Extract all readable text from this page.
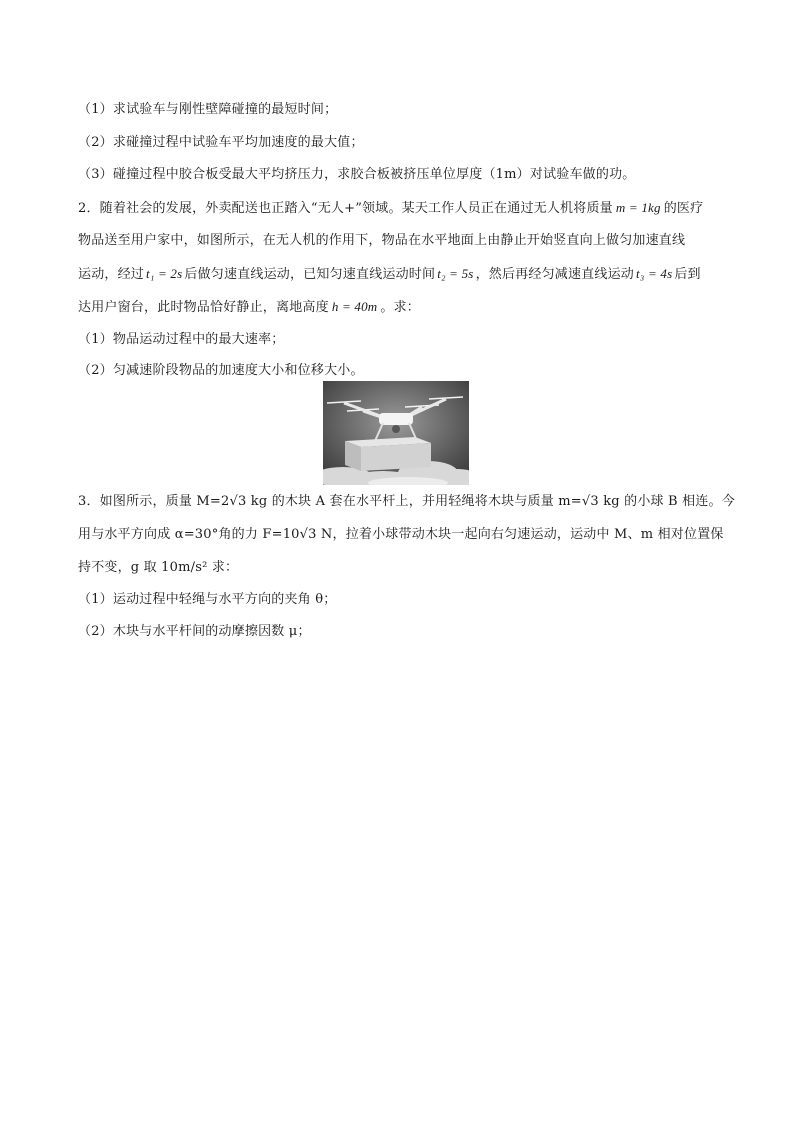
（1）求试验车与刚性壁障碰撞的最短时间；
（2）求碰撞过程中试验车平均加速度的最大值；
（3）碰撞过程中胶合板受最大平均挤压力，求胶合板被挤压单位厚度（1m）对试验车做的功。
2．随着社会的发展，外卖配送也正踏入“无人+”领域。某天工作人员正在通过无人机将质量 m = 1kg 的医疗
物品送至用户家中，如图所示，在无人机的作用下，物品在水平地面上由静止开始竖直向上做匀加速直线
运动，经过 t₁ = 2s 后做匀速直线运动，已知匀速直线运动时间 t₂ = 5s ，然后再经匀减速直线运动 t₃ = 4s 后到
达用户窗台，此时物品恰好静止，离地高度 h = 40m 。求：
（1）物品运动过程中的最大速率；
（2）匀减速阶段物品的加速度大小和位移大小。
3．如图所示，质量 M=2√3 kg 的木块 A 套在水平杆上，并用轻绳将木块与质量 m=√3 kg 的小球 B 相连。今
用与水平方向成 α=30°角的力 F=10√3 N，拉着小球带动木块一起向右匀速运动，运动中 M、m 相对位置保
持不变，g 取 10m/s² 求：
（1）运动过程中轻绳与水平方向的夹角 θ；
（2）木块与水平杆间的动摩擦因数 μ；
